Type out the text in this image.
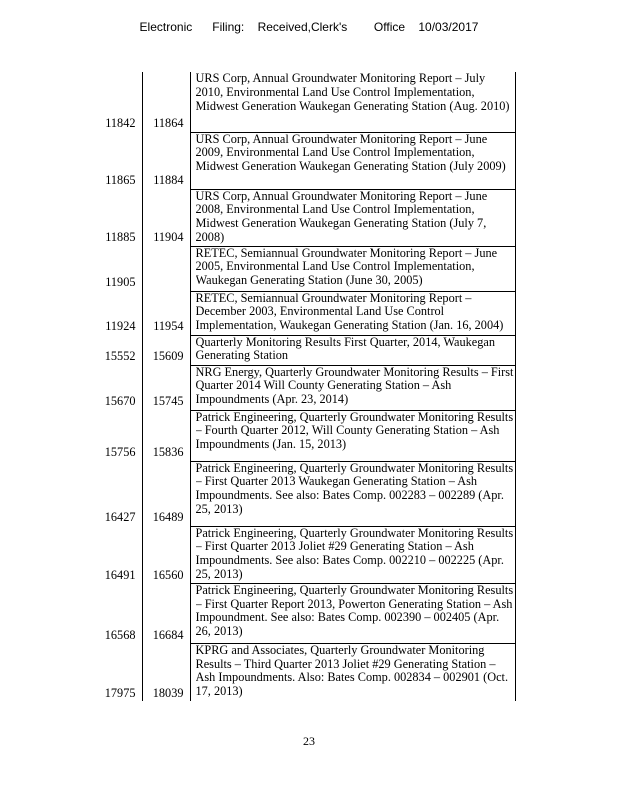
Electronic      Filing:    Received,Clerk's        Office    10/03/2017
11842	11864	URS Corp, Annual Groundwater Monitoring Report – July 2010, Environmental Land Use Control Implementation, Midwest Generation Waukegan Generating Station (Aug. 2010)

11865	11884	URS Corp, Annual Groundwater Monitoring Report – June 2009, Environmental Land Use Control Implementation, Midwest Generation Waukegan Generating Station (July 2009)

11885	11904	URS Corp, Annual Groundwater Monitoring Report – June 2008, Environmental Land Use Control Implementation, Midwest Generation Waukegan Generating Station (July 7, 2008)

11905		RETEC, Semiannual Groundwater Monitoring Report – June 2005, Environmental Land Use Control Implementation, Waukegan Generating Station (June 30, 2005)

11924	11954	RETEC, Semiannual Groundwater Monitoring Report – December 2003, Environmental Land Use Control Implementation, Waukegan Generating Station (Jan. 16, 2004)

15552	15609	Quarterly Monitoring Results First Quarter, 2014, Waukegan Generating Station

15670	15745	NRG Energy, Quarterly Groundwater Monitoring Results – First Quarter 2014 Will County Generating Station – Ash Impoundments (Apr. 23, 2014)

15756	15836	Patrick Engineering, Quarterly Groundwater Monitoring Results – Fourth Quarter 2012, Will County Generating Station – Ash Impoundments (Jan. 15, 2013)

16427	16489	Patrick Engineering, Quarterly Groundwater Monitoring Results – First Quarter 2013 Waukegan Generating Station – Ash Impoundments. See also: Bates Comp. 002283 – 002289 (Apr. 25, 2013)

16491	16560	Patrick Engineering, Quarterly Groundwater Monitoring Results – First Quarter 2013 Joliet #29 Generating Station – Ash Impoundments. See also: Bates Comp. 002210 – 002225 (Apr. 25, 2013)

16568	16684	Patrick Engineering, Quarterly Groundwater Monitoring Results – First Quarter Report 2013, Powerton Generating Station – Ash Impoundment. See also: Bates Comp. 002390 – 002405 (Apr. 26, 2013)

17975	18039	KPRG and Associates, Quarterly Groundwater Monitoring Results – Third Quarter 2013 Joliet #29 Generating Station – Ash Impoundments. Also: Bates Comp. 002834 – 002901 (Oct. 17, 2013)
23
